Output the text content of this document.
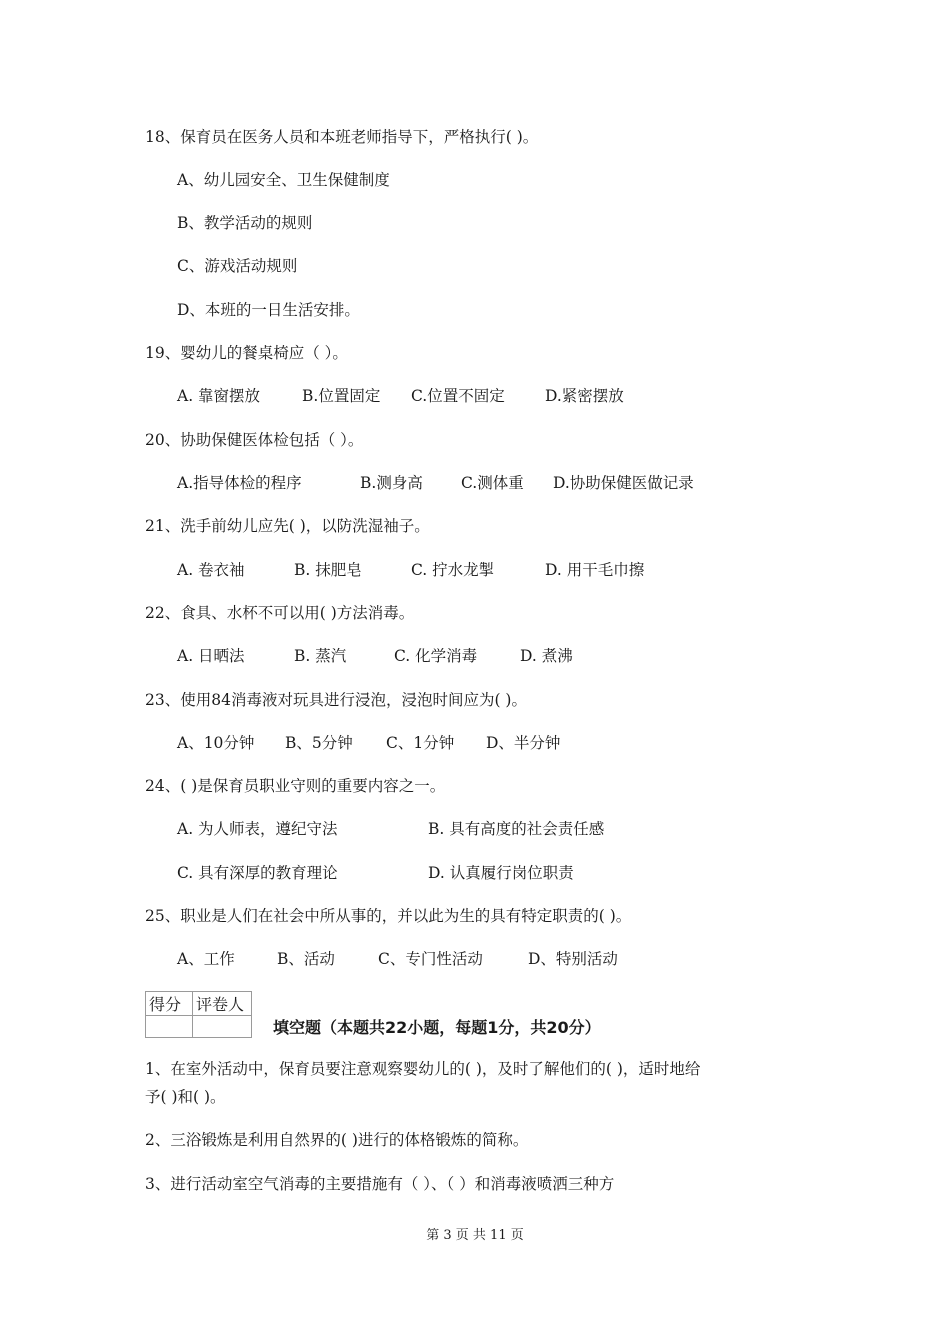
18、保育员在医务人员和本班老师指导下，严格执行( )。
A、幼儿园安全、卫生保健制度
B、教学活动的规则
C、游戏活动规则
D、本班的一日生活安排。
19、婴幼儿的餐桌椅应（ ）。
A. 靠窗摆放	B.位置固定 C.位置不固定	D.紧密摆放
20、协助保健医体检包括（ ）。
A.指导体检的程序	B.测身高 C.测体重 D.协助保健医做记录
21、洗手前幼儿应先( )，以防洗湿袖子。
A. 卷衣袖	B. 抹肥皂	C. 拧水龙掣	D. 用干毛巾擦
22、食具、水杯不可以用( )方法消毒。
A. 日晒法	B. 蒸汽	C. 化学消毒	D. 煮沸
23、使用84消毒液对玩具进行浸泡，浸泡时间应为( )。
A、10分钟 B、5分钟 C、1分钟 D、半分钟
24、( )是保育员职业守则的重要内容之一。
A. 为人师表，遵纪守法	B. 具有高度的社会责任感
C. 具有深厚的教育理论	D. 认真履行岗位职责
25、职业是人们在社会中所从事的，并以此为生的具有特定职责的( )。
A、工作	B、活动	C、专门性活动	D、特别活动
得分	评卷人

填空题（本题共22小题，每题1分，共20分）
1、在室外活动中，保育员要注意观察婴幼儿的( )，及时了解他们的( )，适时地给
予( )和( )。
2、三浴锻炼是利用自然界的( )进行的体格锻炼的简称。
3、进行活动室空气消毒的主要措施有（ ）、（ ）和消毒液喷洒三种方
第 3 页 共 11 页
